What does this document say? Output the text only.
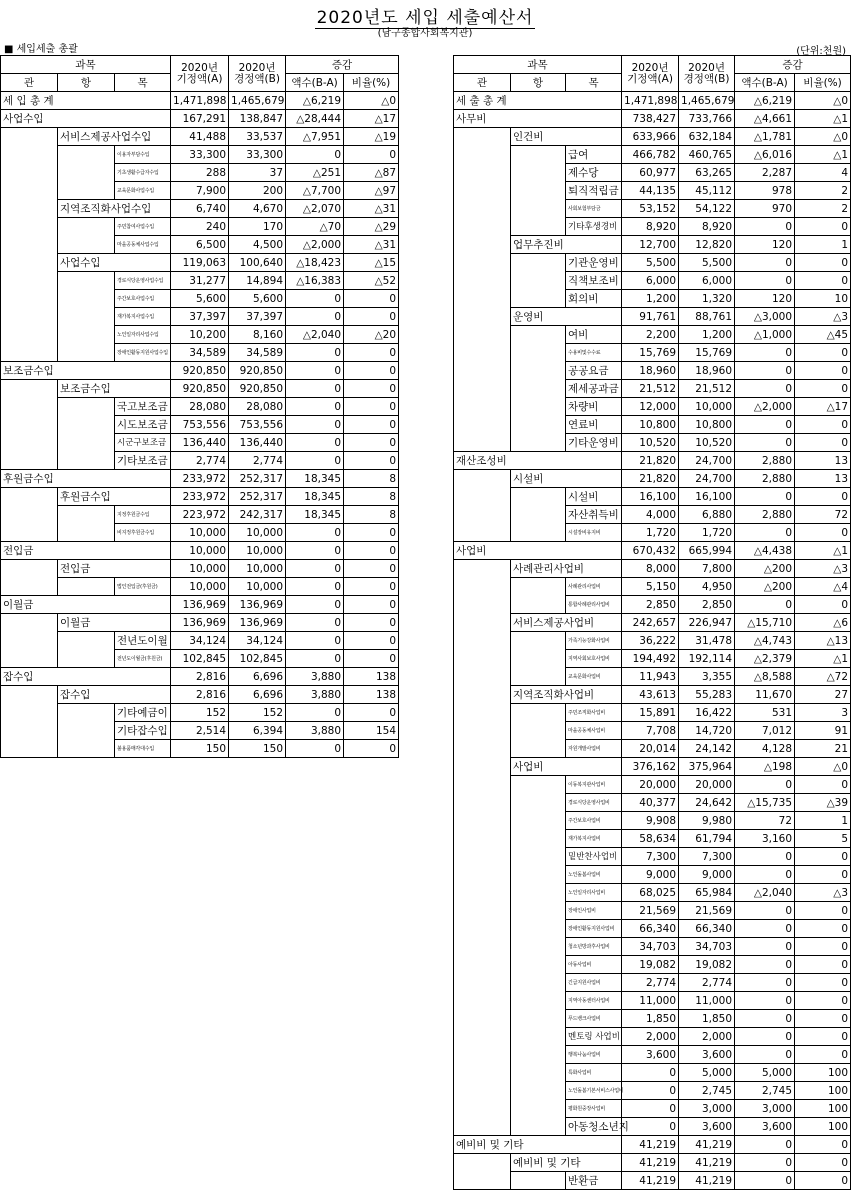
2020년도 세입 세출예산서
(남구종합사회복지관)
■ 세입세출 총괄	(단위:천원)
과목			2020년
기정액(A)	2020년
경정액(B)	증감	
관	항	목			액수(B-A)	비율(%)
세 입 총 계			1,471,898	1,465,679	△6,219	△0
사업수입			167,291	138,847	△28,444	△17
	서비스제공사업수입		41,488	33,537	△7,951	△19
		이용자부담수입	33,300	33,300	0	0
		기초생활수급자수입	288	37	△251	△87
		교육문화사업수입	7,900	200	△7,700	△97
	지역조직화사업수입		6,740	4,670	△2,070	△31
		주민참여사업수입	240	170	△70	△29
		마을공동체사업수입	6,500	4,500	△2,000	△31
	사업수입		119,063	100,640	△18,423	△15
		경로식당운영사업수입	31,277	14,894	△16,383	△52
		주간보호사업수입	5,600	5,600	0	0
		재가복지사업수입	37,397	37,397	0	0
		노인일자리사업수입	10,200	8,160	△2,040	△20
		장애인활동지원사업수입	34,589	34,589	0	0
보조금수입			920,850	920,850	0	0
	보조금수입		920,850	920,850	0	0
		국고보조금	28,080	28,080	0	0
		시도보조금	753,556	753,556	0	0
		시군구보조금	136,440	136,440	0	0
		기타보조금	2,774	2,774	0	0
후원금수입			233,972	252,317	18,345	8
	후원금수입		233,972	252,317	18,345	8
		지정후원금수입	223,972	242,317	18,345	8
		비지정후원금수입	10,000	10,000	0	0
전입금			10,000	10,000	0	0
	전입금		10,000	10,000	0	0
		법인전입금(후원금)	10,000	10,000	0	0
이월금			136,969	136,969	0	0
	이월금		136,969	136,969	0	0
		전년도이월	34,124	34,124	0	0
		전년도이월금(후원금)	102,845	102,845	0	0
잡수입			2,816	6,696	3,880	138
	잡수입		2,816	6,696	3,880	138
		기타예금이	152	152	0	0
		기타잡수입	2,514	6,394	3,880	154
		불용품매각대수입	150	150	0	0
과목			2020년
기정액(A)	2020년
경정액(B)	증감	
관	항	목			액수(B-A)	비율(%)
세 출 총 계			1,471,898	1,465,679	△6,219	△0
사무비			738,427	733,766	△4,661	△1
	인건비		633,966	632,184	△1,781	△0
		급여	466,782	460,765	△6,016	△1
		제수당	60,977	63,265	2,287	4
		퇴직적립금	44,135	45,112	978	2
		사회보험부담금	53,152	54,122	970	2
		기타후생경비	8,920	8,920	0	0
	업무추진비		12,700	12,820	120	1
		기관운영비	5,500	5,500	0	0
		직책보조비	6,000	6,000	0	0
		회의비	1,200	1,320	120	10
	운영비		91,761	88,761	△3,000	△3
		여비	2,200	1,200	△1,000	△45
		수용비및수수료	15,769	15,769	0	0
		공공요금	18,960	18,960	0	0
		제세공과금	21,512	21,512	0	0
		차량비	12,000	10,000	△2,000	△17
		연료비	10,800	10,800	0	0
		기타운영비	10,520	10,520	0	0
재산조성비			21,820	24,700	2,880	13
	시설비		21,820	24,700	2,880	13
		시설비	16,100	16,100	0	0
		자산취득비	4,000	6,880	2,880	72
		시설장비유지비	1,720	1,720	0	0
사업비			670,432	665,994	△4,438	△1
	사례관리사업비		8,000	7,800	△200	△3
		사례관리사업비	5,150	4,950	△200	△4
		통합사례관리사업비	2,850	2,850	0	0
	서비스제공사업비		242,657	226,947	△15,710	△6
		가족기능강화사업비	36,222	31,478	△4,743	△13
		지역사회보호사업비	194,492	192,114	△2,379	△1
		교육문화사업비	11,943	3,355	△8,588	△72
	지역조직화사업비		43,613	55,283	11,670	27
		주민조직화사업비	15,891	16,422	531	3
		마을공동체사업비	7,708	14,720	7,012	91
		자원개발사업비	20,014	24,142	4,128	21
	사업비		376,162	375,964	△198	△0
		이동복지관사업비	20,000	20,000	0	0
		경로식당운영사업비	40,377	24,642	△15,735	△39
		주간보호사업비	9,908	9,980	72	1
		재가복지사업비	58,634	61,794	3,160	5
		밑반찬사업비	7,300	7,300	0	0
		노인돌봄사업비	9,000	9,000	0	0
		노인일자리사업비	68,025	65,984	△2,040	△3
		장애인사업비	21,569	21,569	0	0
		장애인활동지원사업비	66,340	66,340	0	0
		청소년방과후사업비	34,703	34,703	0	0
		아동사업비	19,082	19,082	0	0
		긴급지원사업비	2,774	2,774	0	0
		지역아동센터사업비	11,000	11,000	0	0
		푸드뱅크사업비	1,850	1,850	0	0
		멘토링 사업비	2,000	2,000	0	0
		행복나눔사업비	3,600	3,600	0	0
		특화사업비	0	5,000	5,000	100
		노인돌봄기본서비스사업비	0	2,745	2,745	100
		평화원중장사업비	0	3,000	3,000	100
		아동청소년지	0	3,600	3,600	100
예비비 및 기타			41,219	41,219	0	0
	예비비 및 기타		41,219	41,219	0	0
		반환금	41,219	41,219	0	0
